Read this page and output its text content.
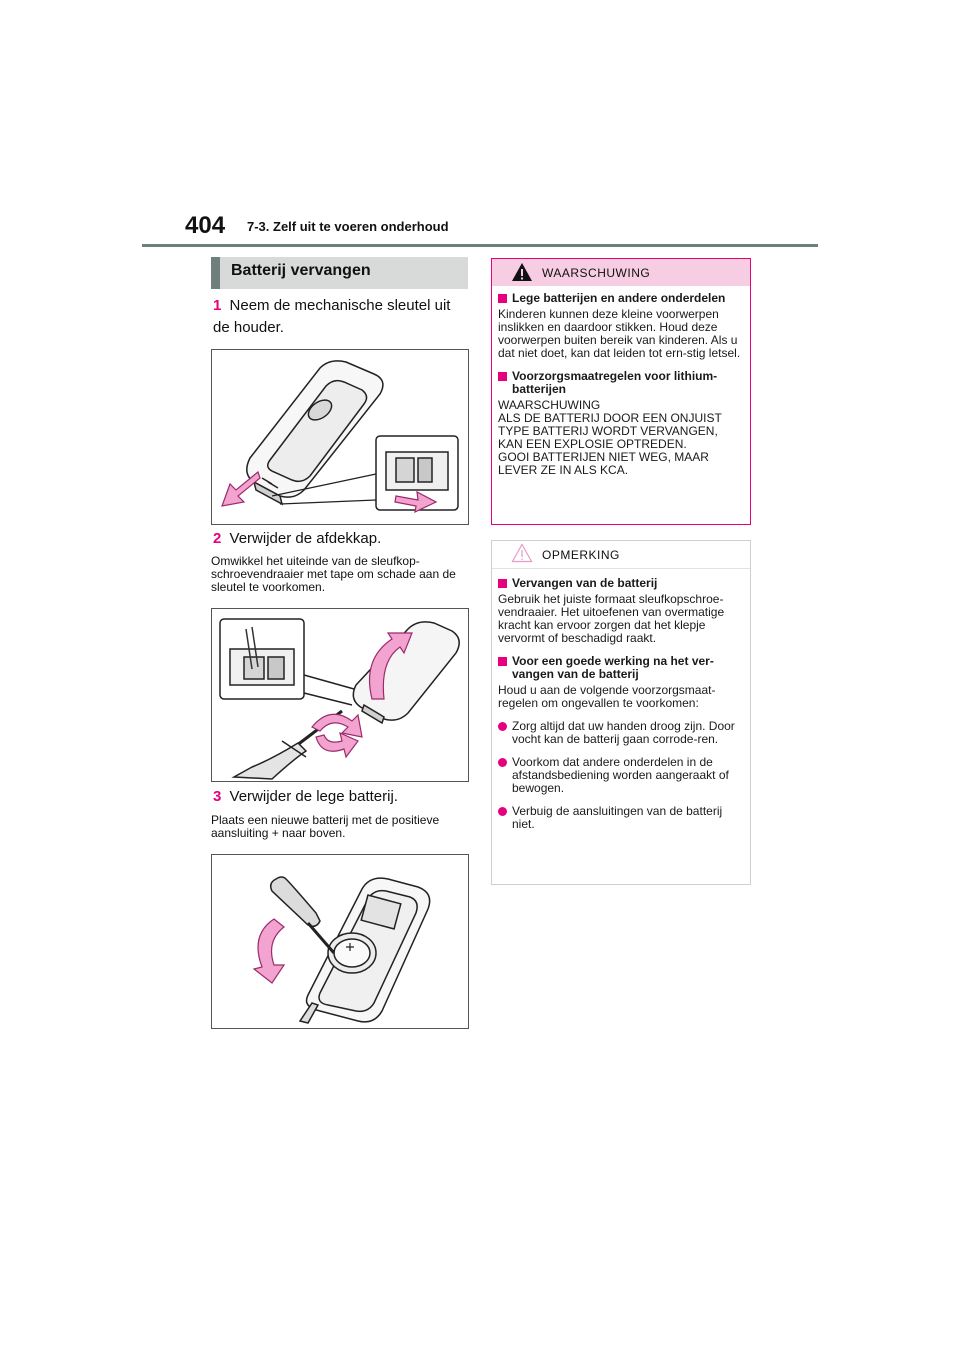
404 7-3. Zelf uit te voeren onderhoud
Batterij vervangen
1 Neem de mechanische sleutel uit de houder.
2 Verwijder de afdekkap.
Omwikkel het uiteinde van de sleufkop-schroevendraaier met tape om schade aan de sleutel te voorkomen.
3 Verwijder de lege batterij.
Plaats een nieuwe batterij met de positieve aansluiting + naar boven.
WAARSCHUWING
Lege batterijen en andere onderdelen
Kinderen kunnen deze kleine voorwerpen inslikken en daardoor stikken. Houd deze voorwerpen buiten bereik van kinderen. Als u dat niet doet, kan dat leiden tot ern-stig letsel.
Voorzorgsmaatregelen voor lithium-batterijen
WAARSCHUWING
ALS DE BATTERIJ DOOR EEN ONJUIST TYPE BATTERIJ WORDT VERVANGEN, KAN EEN EXPLOSIE OPTREDEN.
GOOI BATTERIJEN NIET WEG, MAAR LEVER ZE IN ALS KCA.
OPMERKING
Vervangen van de batterij
Gebruik het juiste formaat sleufkopschroe-vendraaier. Het uitoefenen van overmatige kracht kan ervoor zorgen dat het klepje vervormt of beschadigd raakt.
Voor een goede werking na het ver-vangen van de batterij
Houd u aan de volgende voorzorgsmaat-regelen om ongevallen te voorkomen:
Zorg altijd dat uw handen droog zijn. Door vocht kan de batterij gaan corrode-ren.
Voorkom dat andere onderdelen in de afstandsbediening worden aangeraakt of bewogen.
Verbuig de aansluitingen van de batterij niet.
